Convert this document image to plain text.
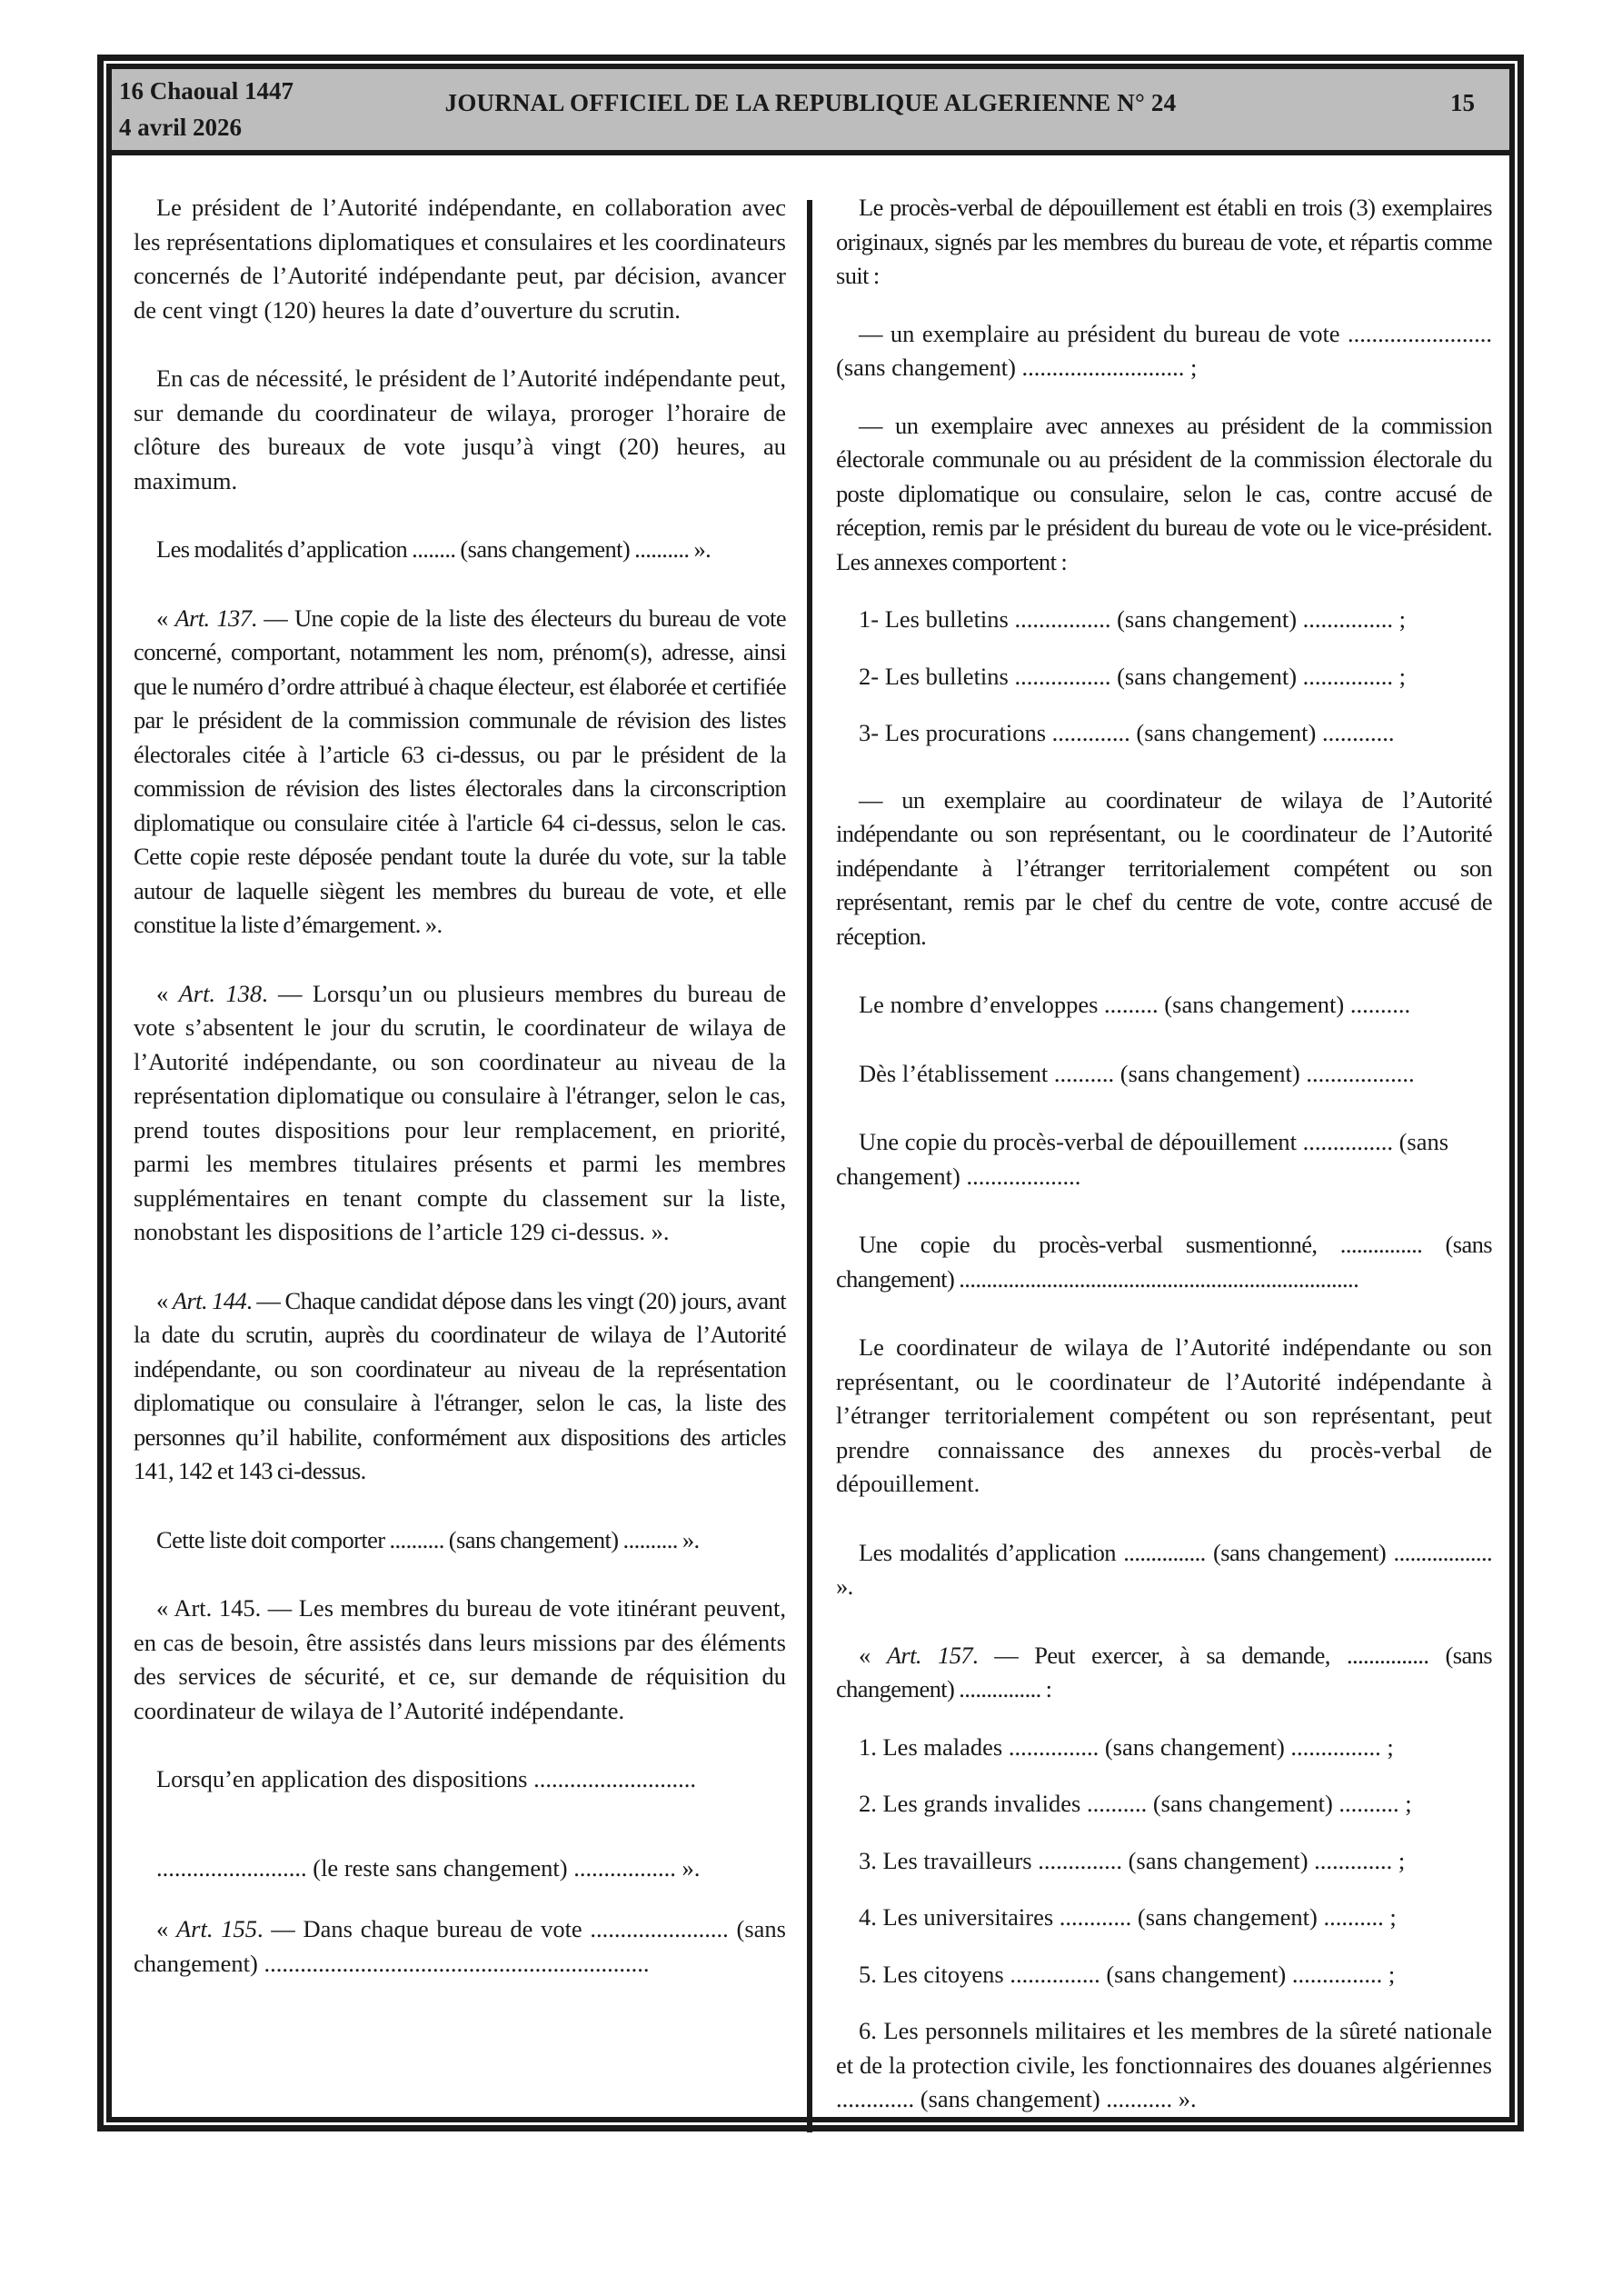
16 Chaoual 1447
4 avril 2026
JOURNAL OFFICIEL DE LA REPUBLIQUE ALGERIENNE N° 24	15

Le président de l’Autorité indépendante, en collaboration avec les représentations diplomatiques et consulaires et les coordinateurs concernés de l’Autorité indépendante peut, par décision, avancer de cent vingt (120) heures la date d’ouverture du scrutin.

En cas de nécessité, le président de l’Autorité indépendante peut, sur demande du coordinateur de wilaya, proroger l’horaire de clôture des bureaux de vote jusqu’à vingt (20) heures, au maximum.

Les modalités d’application ........ (sans changement) .......... ».

« Art. 137. — Une copie de la liste des électeurs du bureau de vote concerné, comportant, notamment les nom, prénom(s), adresse, ainsi que le numéro d’ordre attribué à chaque électeur, est élaborée et certifiée par le président de la commission communale de révision des listes électorales citée à l’article 63 ci-dessus, ou par le président de la commission de révision des listes électorales dans la circonscription diplomatique ou consulaire citée à l'article 64 ci-dessus, selon le cas. Cette copie reste déposée pendant toute la durée du vote, sur la table autour de laquelle siègent les membres du bureau de vote, et elle constitue la liste d’émargement. ».

« Art. 138. — Lorsqu’un ou plusieurs membres du bureau de vote s’absentent le jour du scrutin, le coordinateur de wilaya de l’Autorité indépendante, ou son coordinateur au niveau de la représentation diplomatique ou consulaire à l'étranger, selon le cas, prend toutes dispositions pour leur remplacement, en priorité, parmi les membres titulaires présents et parmi les membres supplémentaires en tenant compte du classement sur la liste, nonobstant les dispositions de l’article 129 ci-dessus. ».

« Art. 144. — Chaque candidat dépose dans les vingt (20) jours, avant la date du scrutin, auprès du coordinateur de wilaya de l’Autorité indépendante, ou son coordinateur au niveau de la représentation diplomatique ou consulaire à l'étranger, selon le cas, la liste des personnes qu’il habilite, conformément aux dispositions des articles 141, 142 et 143 ci-dessus.

Cette liste doit comporter .......... (sans changement) .......... ».

« Art. 145. — Les membres du bureau de vote itinérant peuvent, en cas de besoin, être assistés dans leurs missions par des éléments des services de sécurité, et ce, sur demande de réquisition du coordinateur de wilaya de l’Autorité indépendante.

Lorsqu’en application des dispositions ...........................

......................... (le reste sans changement) ................. ».

« Art. 155. — Dans chaque bureau de vote ....................... (sans changement) ................................................................

Le procès-verbal de dépouillement est établi en trois (3) exemplaires originaux, signés par les membres du bureau de vote, et répartis comme suit :

— un exemplaire au président du bureau de vote ........................ (sans changement) ........................... ;

— un exemplaire avec annexes au président de la commission électorale communale ou au président de la commission électorale du poste diplomatique ou consulaire, selon le cas, contre accusé de réception, remis par le président du bureau de vote ou le vice-président. Les annexes comportent :

1- Les bulletins ................ (sans changement) ............... ;

2- Les bulletins ................ (sans changement) ............... ;

3- Les procurations ............. (sans changement) ............

— un exemplaire au coordinateur de wilaya de l’Autorité indépendante ou son représentant, ou le coordinateur de l’Autorité indépendante à l’étranger territorialement compétent ou son représentant, remis par le chef du centre de vote, contre accusé de réception.

Le nombre d’enveloppes ......... (sans changement) ..........

Dès l’établissement .......... (sans changement) ..................

Une copie du procès-verbal de dépouillement ............... (sans changement) ...................

Une copie du procès-verbal susmentionné, ............... (sans changement) .........................................................................

Le coordinateur de wilaya de l’Autorité indépendante ou son représentant, ou le coordinateur de l’Autorité indépendante à l’étranger territorialement compétent ou son représentant, peut prendre connaissance des annexes du procès-verbal de dépouillement.

Les modalités d’application ............... (sans changement) .................. ».

« Art. 157. — Peut exercer, à sa demande, ............... (sans changement) ............... :

1. Les malades ............... (sans changement) ............... ;

2. Les grands invalides .......... (sans changement) .......... ;

3. Les travailleurs .............. (sans changement) ............. ;

4. Les universitaires ............ (sans changement) .......... ;

5. Les citoyens ............... (sans changement) ............... ;

6. Les personnels militaires et les membres de la sûreté nationale et de la protection civile, les fonctionnaires des douanes algériennes ............. (sans changement) ........... ».
